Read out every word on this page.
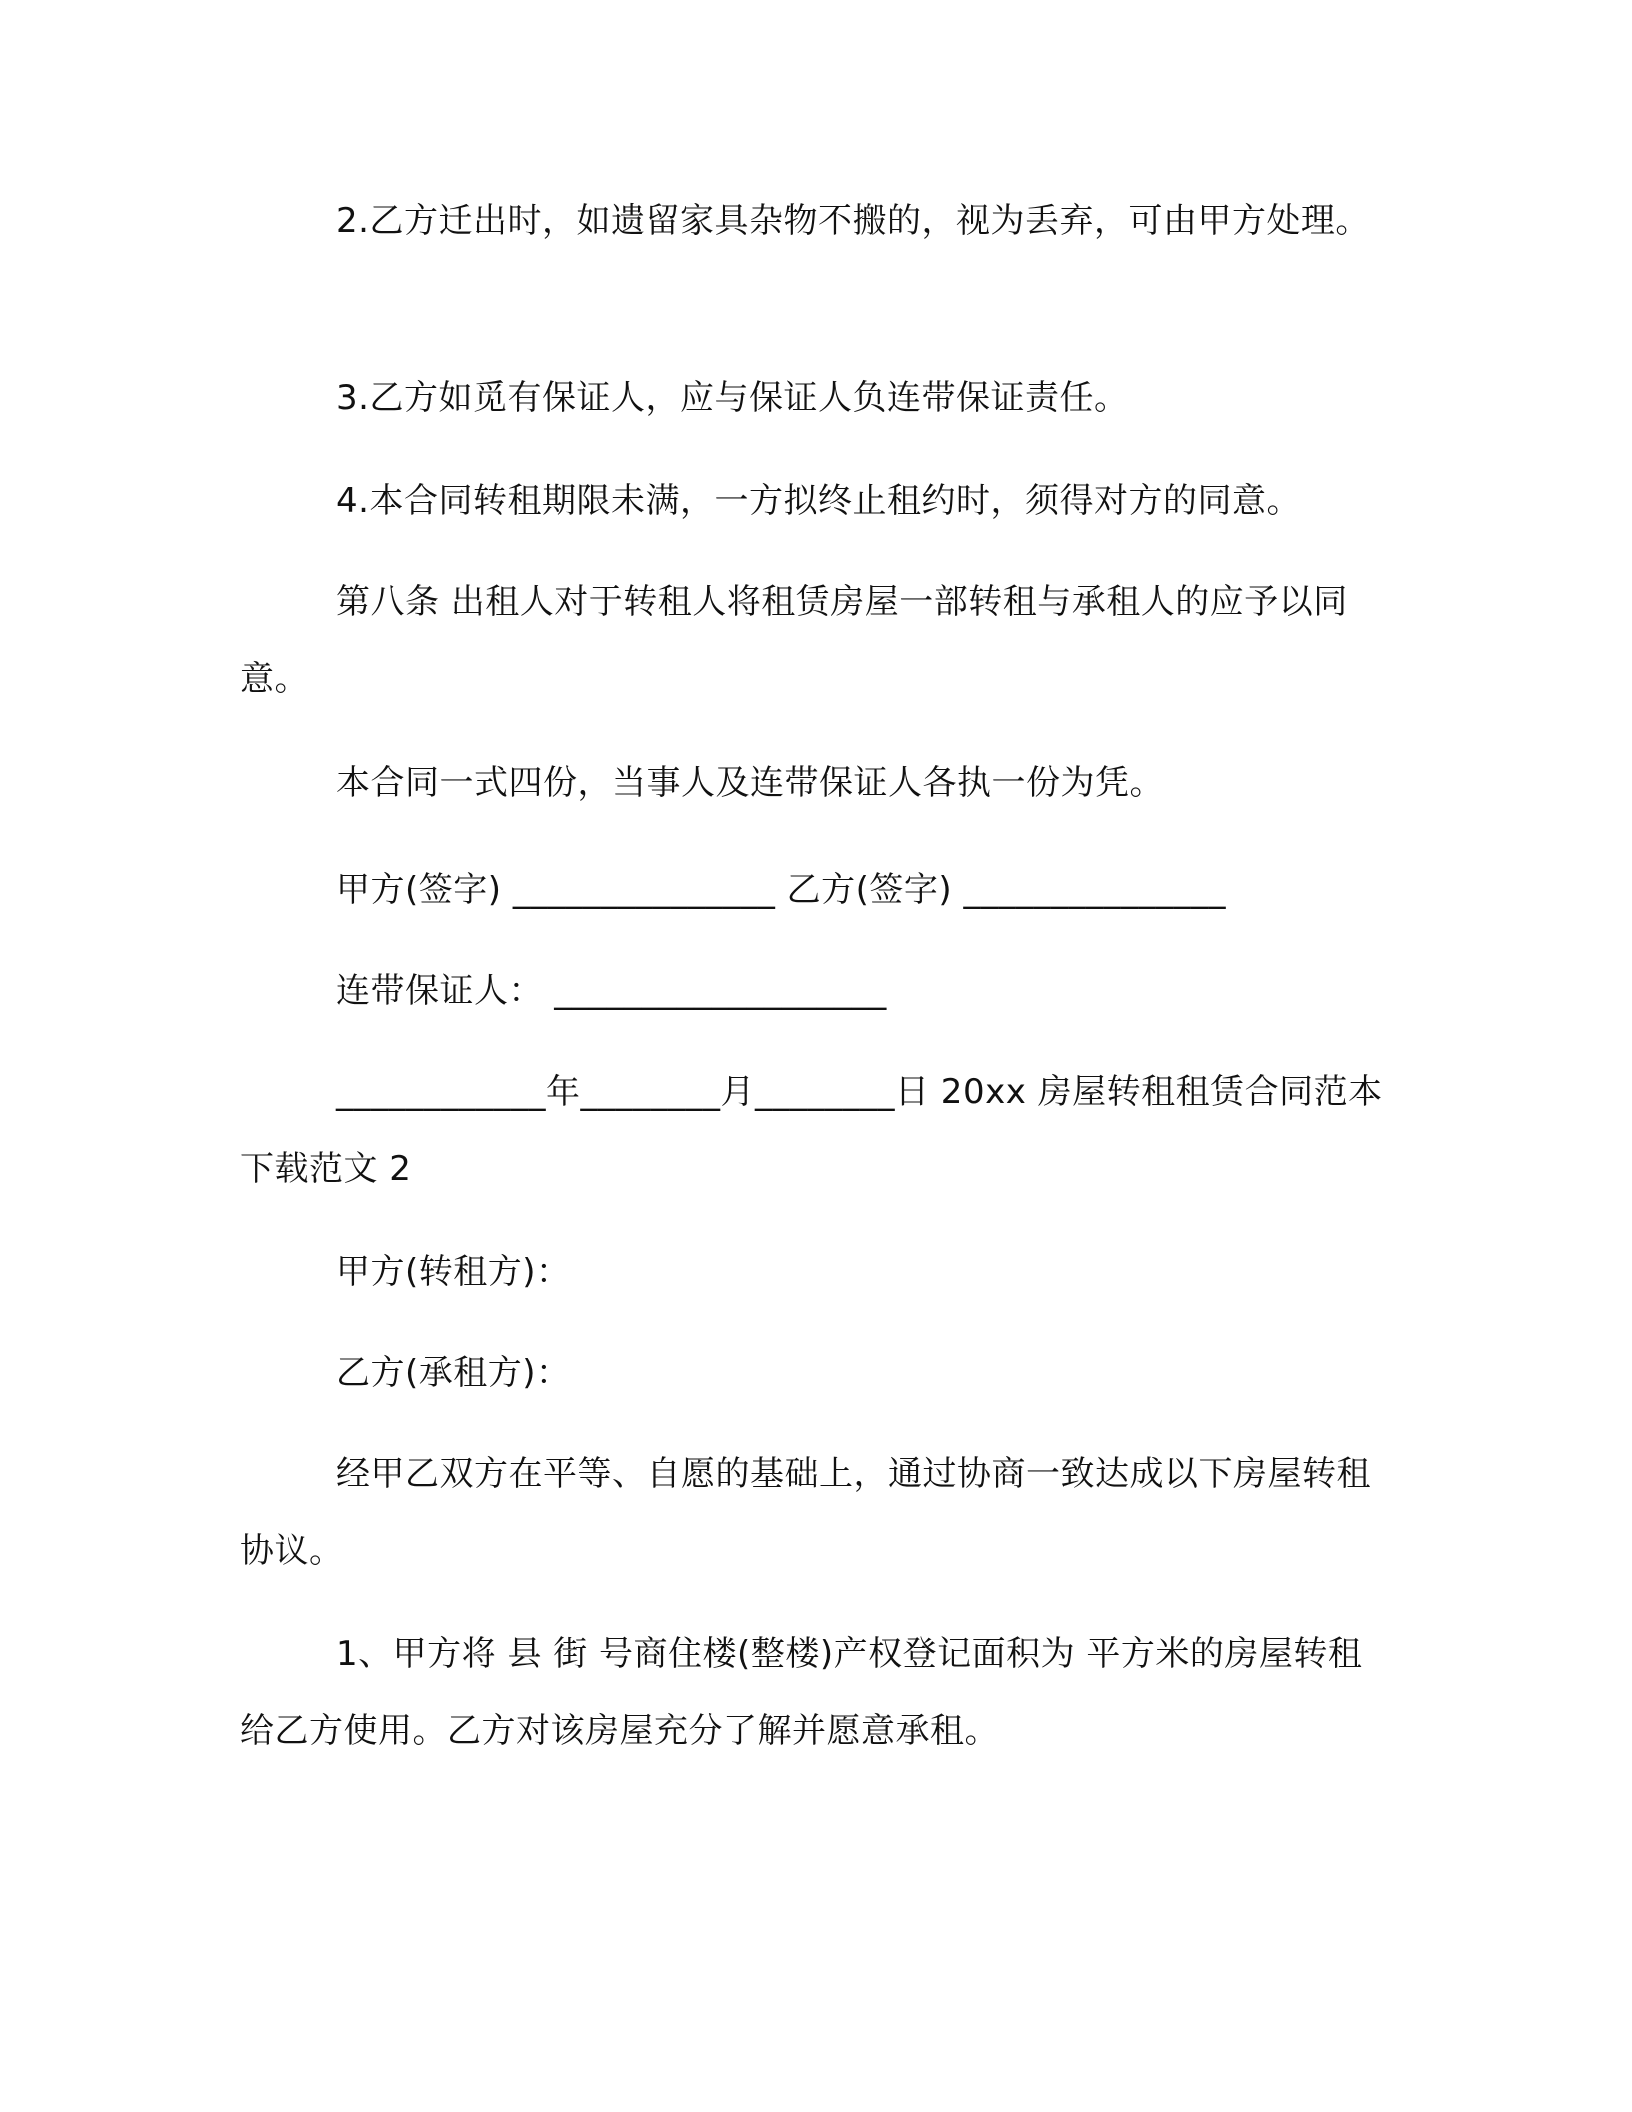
2.乙方迁出时，如遗留家具杂物不搬的，视为丢弃，可由甲方处理。
3.乙方如觅有保证人，应与保证人负连带保证责任。
4.本合同转租期限未满，一方拟终止租约时，须得对方的同意。
第八条 出租人对于转租人将租赁房屋一部转租与承租人的应予以同意。
本合同一式四份，当事人及连带保证人各执一份为凭。
甲方(签字) _______________ 乙方(签字) _______________
连带保证人： ___________________
____________年________月________日 20xx 房屋转租租赁合同范本下载范文 2
甲方(转租方)：
乙方(承租方)：
经甲乙双方在平等、自愿的基础上，通过协商一致达成以下房屋转租协议。
1、甲方将 县 街 号商住楼(整楼)产权登记面积为 平方米的房屋转租给乙方使用。乙方对该房屋充分了解并愿意承租。
